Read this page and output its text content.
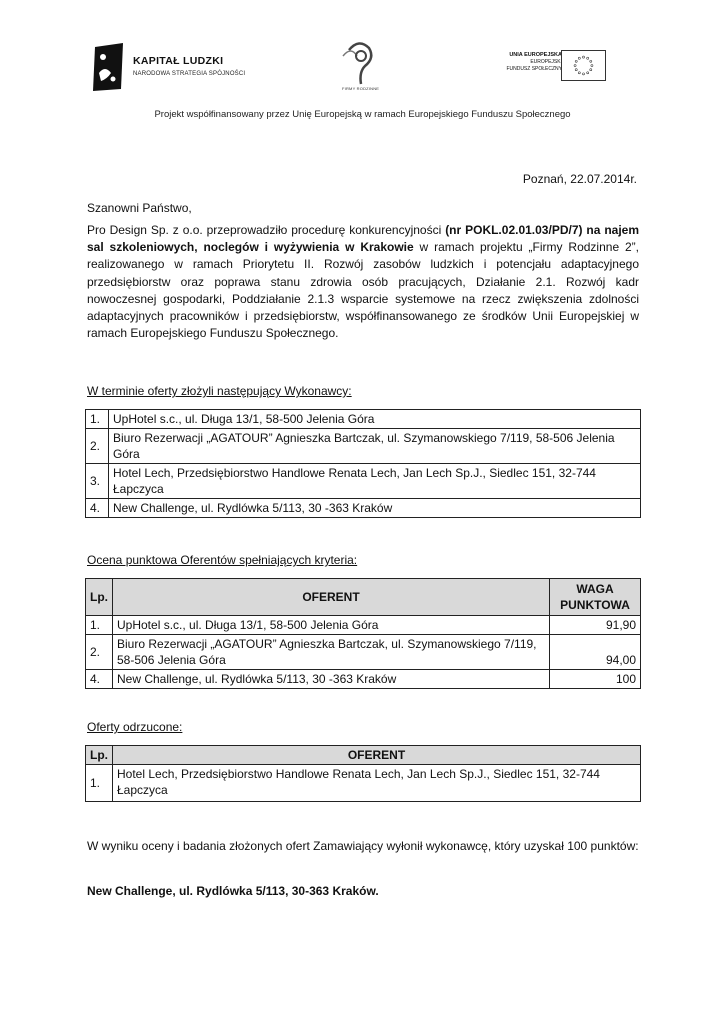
KAPITAŁ LUDZKI
NARODOWA STRATEGIA SPÓJNOŚCI
FIRMY RODZINNE
UNIA EUROPEJSKA
EUROPEJSKI
FUNDUSZ SPOŁECZNY
Projekt współfinansowany przez Unię Europejską w ramach Europejskiego Funduszu Społecznego
Poznań, 22.07.2014r.
Szanowni Państwo,
Pro Design Sp. z o.o. przeprowadziło procedurę konkurencyjności (nr POKL.02.01.03/PD/7) na najem sal szkoleniowych, noclegów i wyżywienia w Krakowie w ramach projektu „Firmy Rodzinne 2”, realizowanego w ramach Priorytetu II. Rozwój zasobów ludzkich i potencjału adaptacyjnego przedsiębiorstw oraz poprawa stanu zdrowia osób pracujących, Działanie 2.1. Rozwój kadr nowoczesnej gospodarki, Poddziałanie 2.1.3 wsparcie systemowe na rzecz zwiększenia zdolności adaptacyjnych pracowników i przedsiębiorstw, współfinansowanego ze środków Unii Europejskiej w ramach Europejskiego Funduszu Społecznego.
W terminie oferty złożyli następujący Wykonawcy:
1.	UpHotel s.c., ul. Długa 13/1, 58-500 Jelenia Góra
2.	Biuro Rezerwacji „AGATOUR” Agnieszka Bartczak, ul. Szymanowskiego 7/119, 58-506 Jelenia Góra
3.	Hotel Lech, Przedsiębiorstwo Handlowe Renata Lech, Jan Lech Sp.J., Siedlec 151, 32-744 Łapczyca
4.	New Challenge, ul. Rydlówka 5/113, 30 -363 Kraków
Ocena punktowa Oferentów spełniających kryteria:
Lp.	OFERENT	WAGA PUNKTOWA
1.	UpHotel s.c., ul. Długa 13/1, 58-500 Jelenia Góra	91,90
2.	Biuro Rezerwacji „AGATOUR” Agnieszka Bartczak, ul. Szymanowskiego 7/119, 58-506 Jelenia Góra	94,00
4.	New Challenge, ul. Rydlówka 5/113, 30 -363 Kraków	100
Oferty odrzucone:
Lp.	OFERENT
1.	Hotel Lech, Przedsiębiorstwo Handlowe Renata Lech, Jan Lech Sp.J., Siedlec 151, 32-744 Łapczyca
W wyniku oceny i badania złożonych ofert Zamawiający wyłonił wykonawcę, który uzyskał 100 punktów:
New Challenge, ul. Rydlówka 5/113, 30-363 Kraków.
